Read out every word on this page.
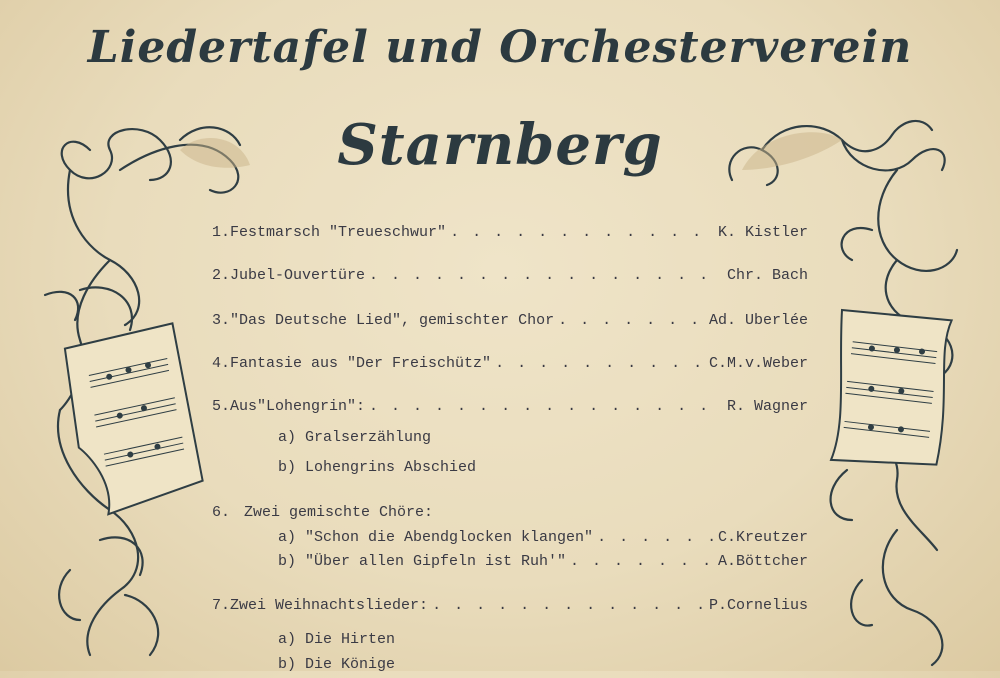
Liedertafel und Orchesterverein
Starnberg
1. Festmarsch "Treueschwur" . . .	K. Kistler
2. Jubel-Ouvertüre . . .	Chr. Bach
3. "Das Deutsche Lied", gemischter Chor . . .	Ad. Uberlée
4. Fantasie aus "Der Freischütz" . . .	C.M.v.Weber
5. Aus"Lohengrin": . . .	R. Wagner
a) Gralserzählung
b) Lohengrins Abschied
6. Zwei gemischte Chöre:
a) "Schon die Abendglocken klangen" . . .	C.Kreutzer
b) "Über allen Gipfeln ist Ruh'" . . .	A.Böttcher
7. Zwei Weihnachtslieder: . . .	P.Cornelius
a) Die Hirten
b) Die Könige
